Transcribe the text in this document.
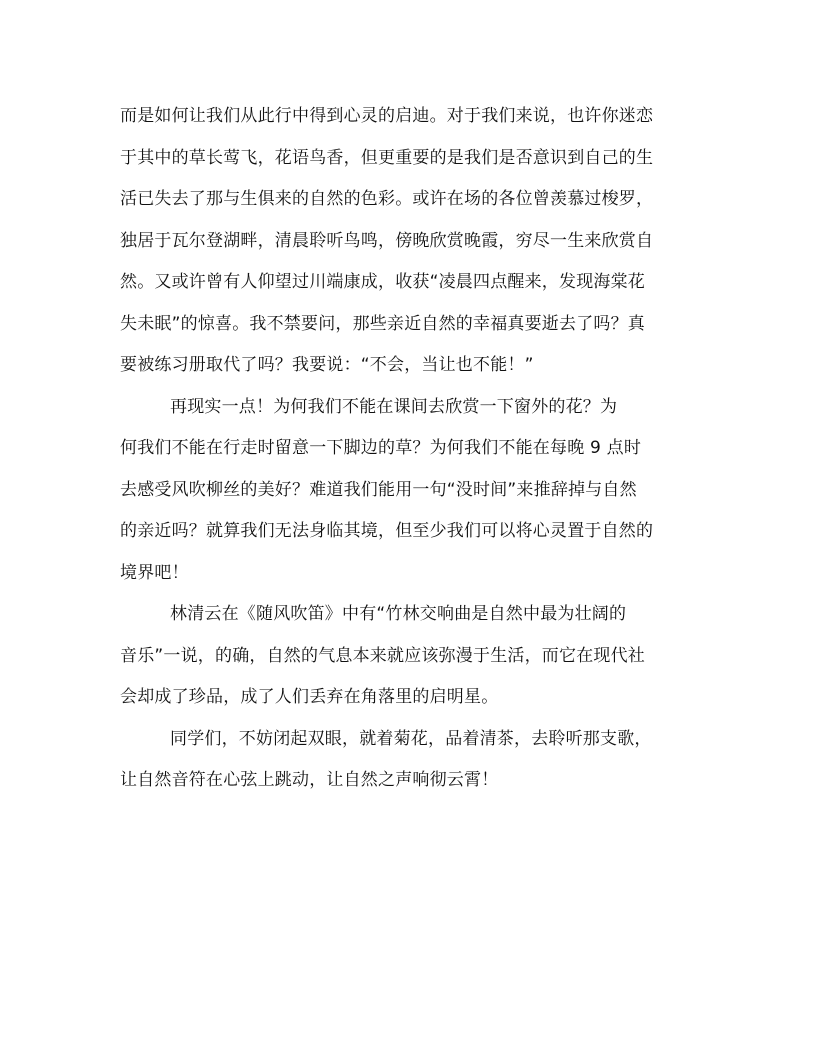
而是如何让我们从此行中得到心灵的启迪。对于我们来说，也许你迷恋
于其中的草长莺飞，花语鸟香，但更重要的是我们是否意识到自己的生
活已失去了那与生俱来的自然的色彩。或许在场的各位曾羡慕过梭罗，
独居于瓦尔登湖畔，清晨聆听鸟鸣，傍晚欣赏晚霞，穷尽一生来欣赏自
然。又或许曾有人仰望过川端康成，收获“凌晨四点醒来，发现海棠花
失未眠”的惊喜。我不禁要问，那些亲近自然的幸福真要逝去了吗？真
要被练习册取代了吗？我要说：“不会，当让也不能！”
再现实一点！为何我们不能在课间去欣赏一下窗外的花？为
何我们不能在行走时留意一下脚边的草？为何我们不能在每晚 9 点时
去感受风吹柳丝的美好？难道我们能用一句“没时间”来推辞掉与自然
的亲近吗？就算我们无法身临其境，但至少我们可以将心灵置于自然的
境界吧！
林清云在《随风吹笛》中有“竹林交响曲是自然中最为壮阔的
音乐”一说，的确，自然的气息本来就应该弥漫于生活，而它在现代社
会却成了珍品，成了人们丢弃在角落里的启明星。
同学们，不妨闭起双眼，就着菊花，品着清茶，去聆听那支歌，
让自然音符在心弦上跳动，让自然之声响彻云霄！
